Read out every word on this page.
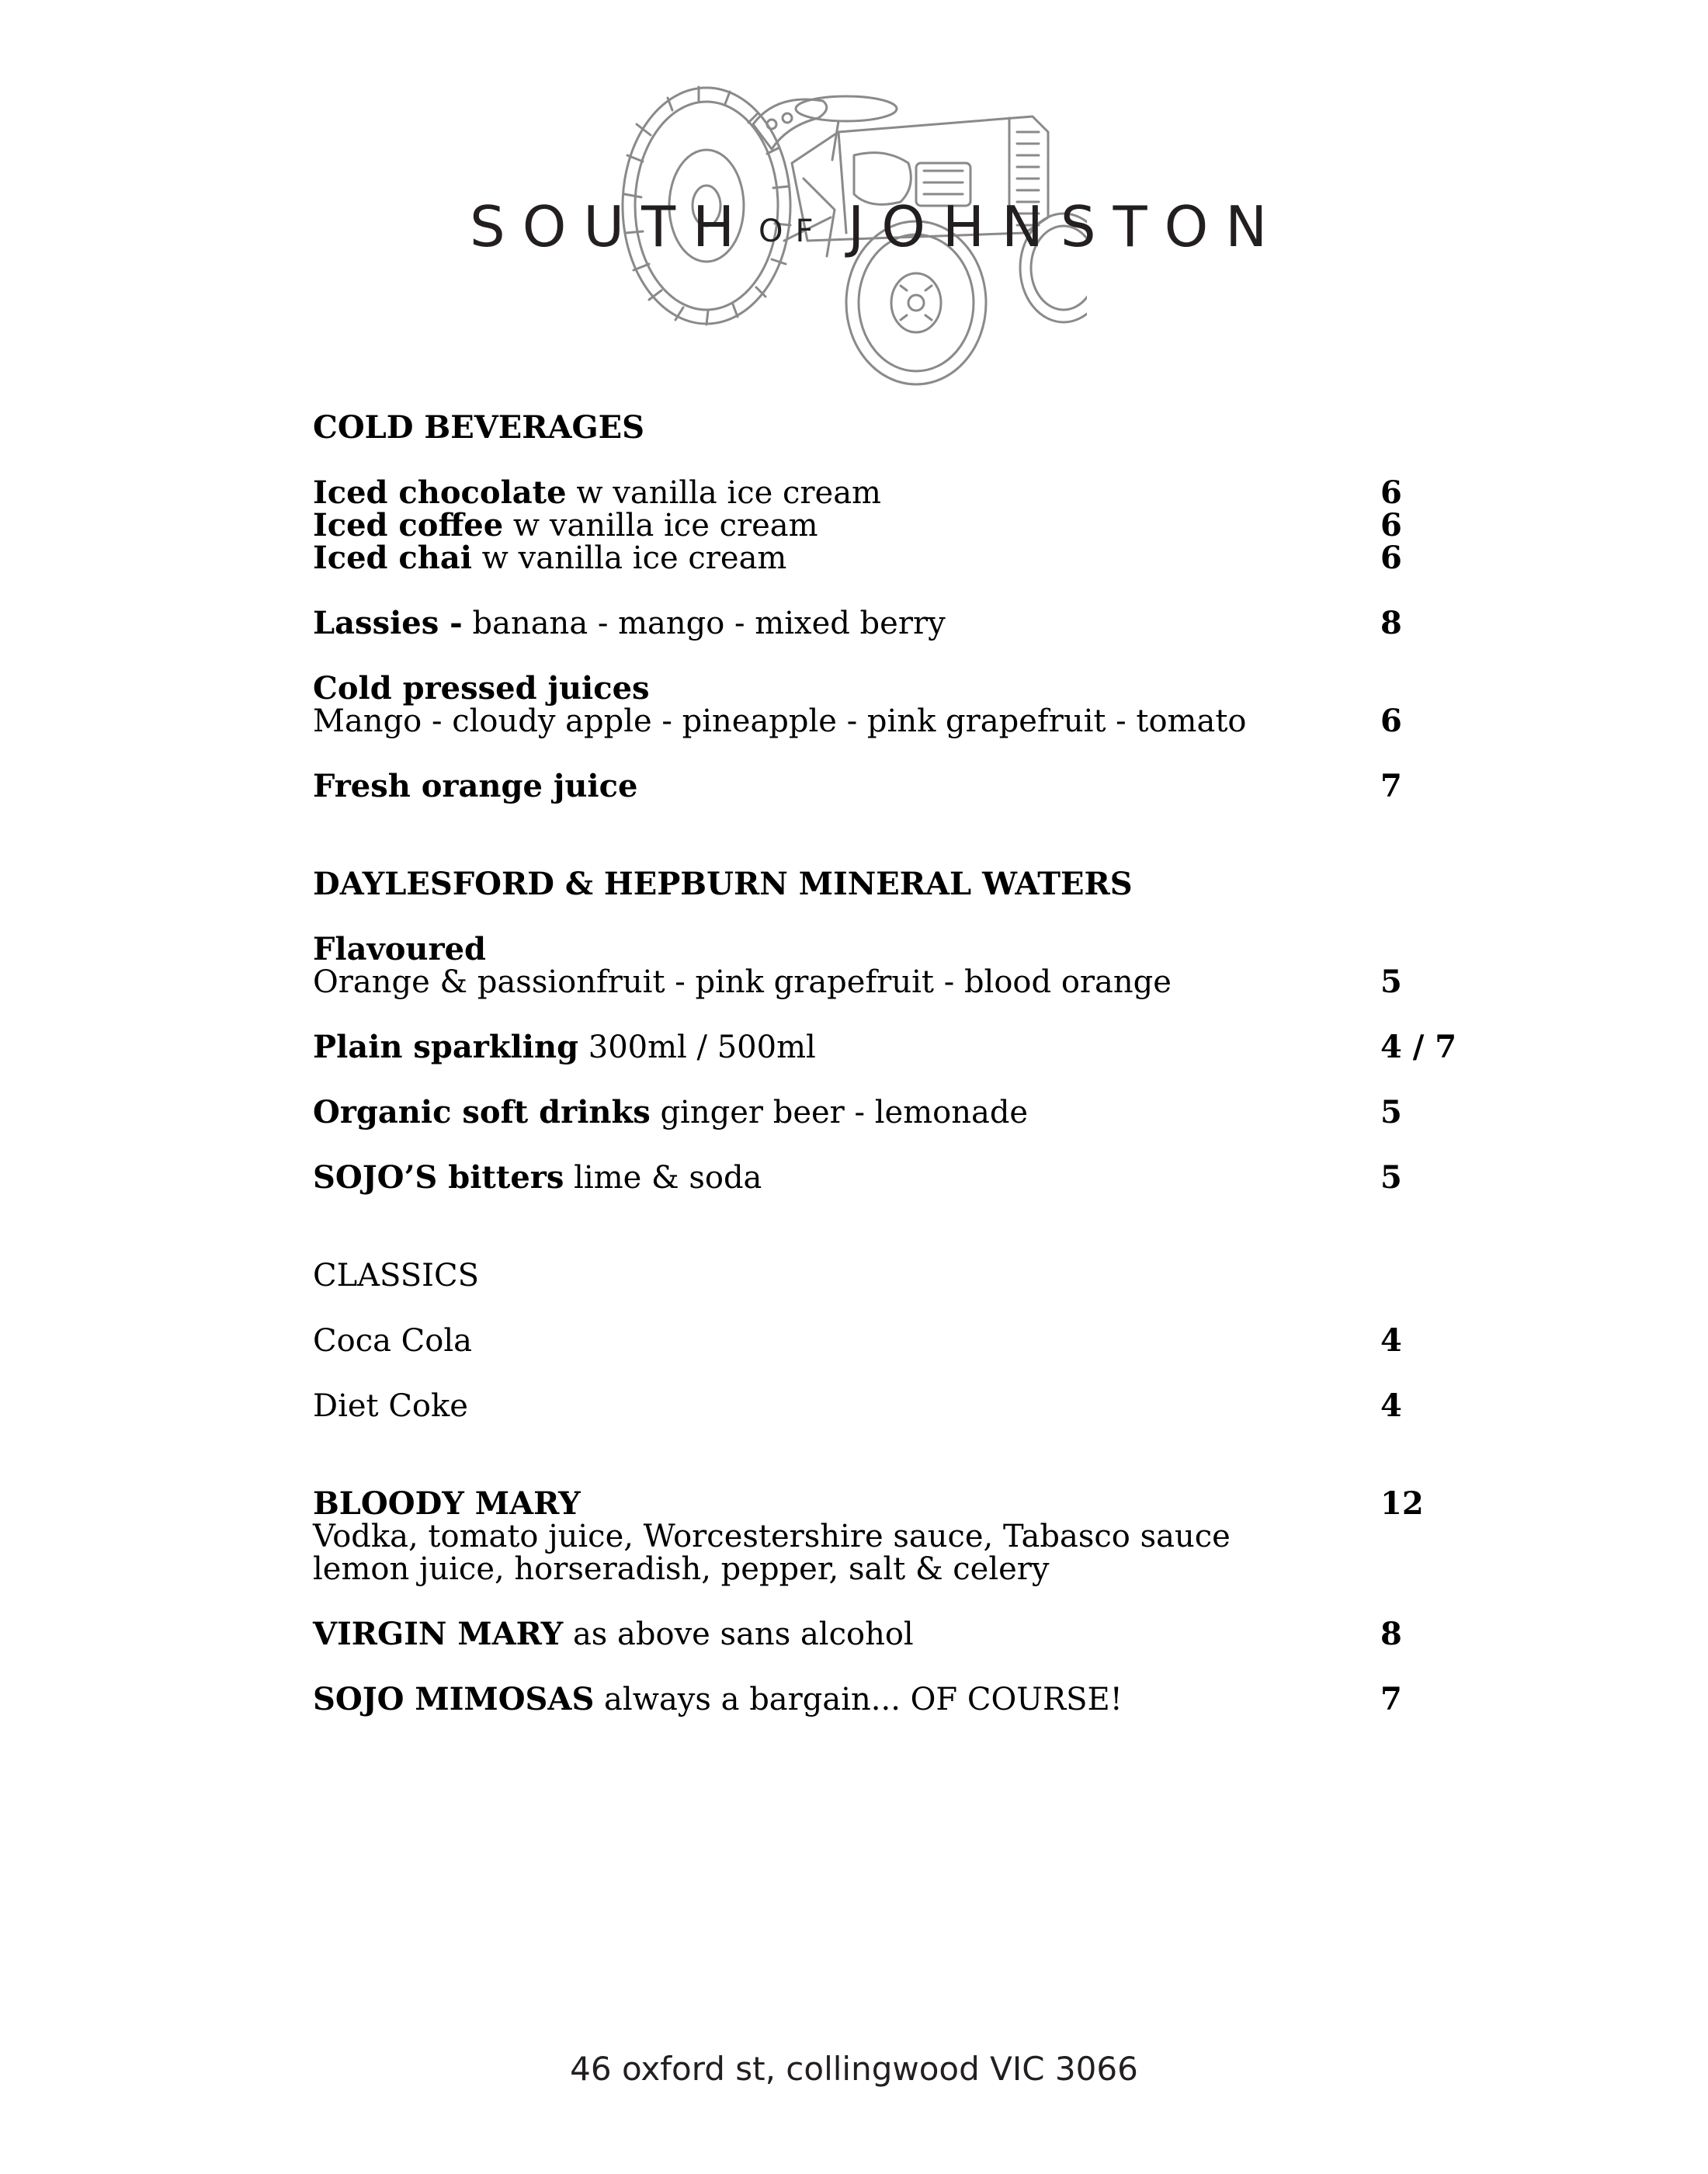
SOUTH OF JOHNSTON
COLD BEVERAGES
Iced chocolate w vanilla ice cream	6
Iced coffee w vanilla ice cream	6
Iced chai w vanilla ice cream	6
Lassies - banana - mango - mixed berry	8
Cold pressed juices
Mango - cloudy apple - pineapple - pink grapefruit - tomato	6
Fresh orange juice	7
DAYLESFORD & HEPBURN MINERAL WATERS
Flavoured
Orange & passionfruit - pink grapefruit - blood orange	5
Plain sparkling 300ml / 500ml	4 / 7
Organic soft drinks ginger beer - lemonade	5
SOJO’S bitters lime & soda	5
CLASSICS
Coca Cola	4
Diet Coke	4
BLOODY MARY	12
Vodka, tomato juice, Worcestershire sauce, Tabasco sauce
lemon juice, horseradish, pepper, salt & celery
VIRGIN MARY as above sans alcohol	8
SOJO MIMOSAS always a bargain... OF COURSE!	7
46 oxford st, collingwood VIC 3066
